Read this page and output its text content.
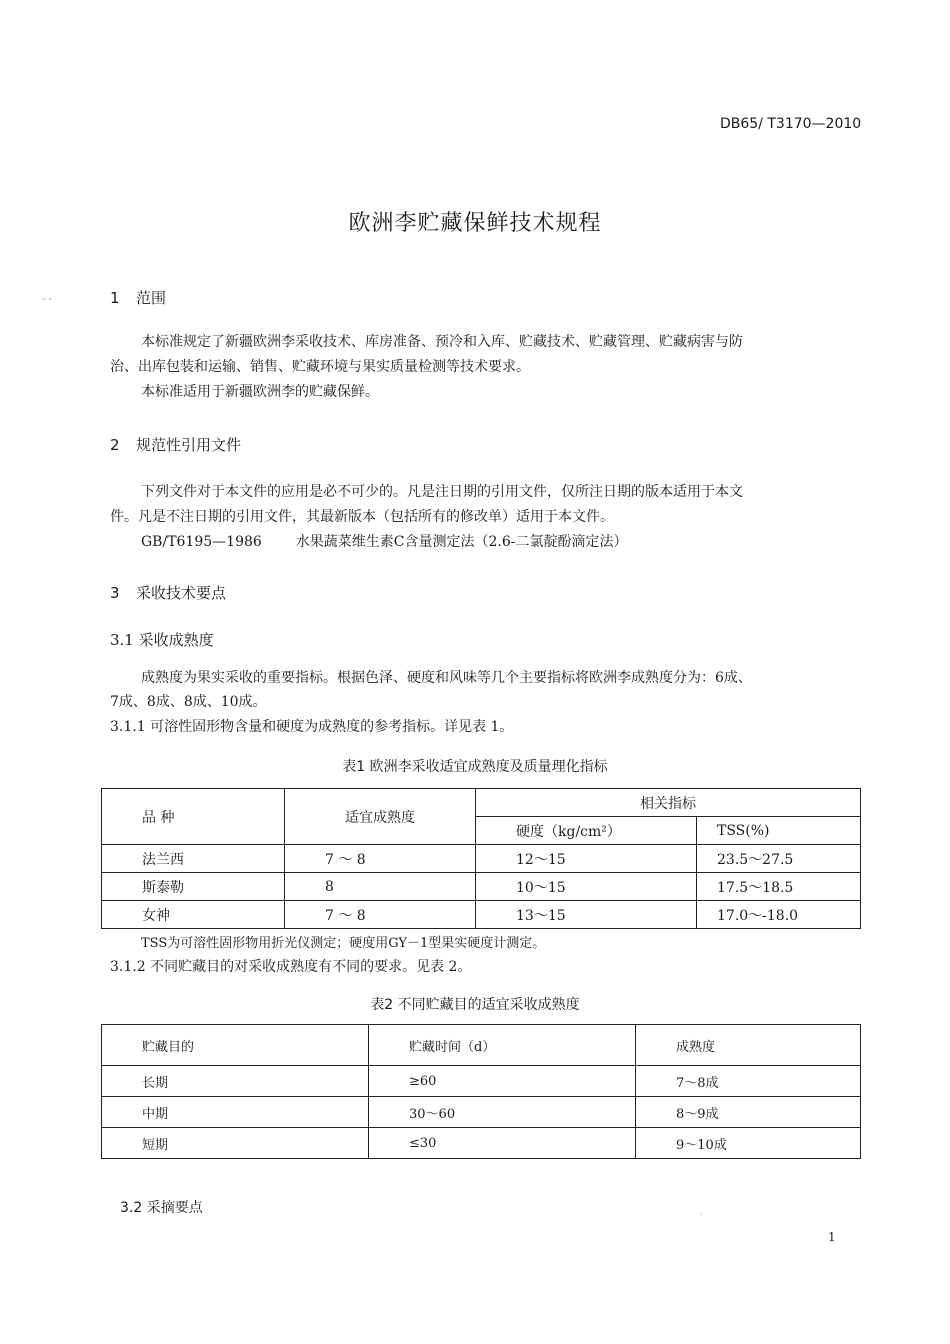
DB65/ T3170—2010
欧洲李贮藏保鲜技术规程
- -	1 范围
本标准规定了新疆欧洲李采收技术、库房准备、预冷和入库、贮藏技术、贮藏管理、贮藏病害与防
治、出库包装和运输、销售、贮藏环境与果实质量检测等技术要求。
本标准适用于新疆欧洲李的贮藏保鲜。
2 规范性引用文件
下列文件对于本文件的应用是必不可少的。凡是注日期的引用文件，仅所注日期的版本适用于本文
件。凡是不注日期的引用文件，其最新版本（包括所有的修改单）适用于本文件。
GB/T6195—1986 水果蔬菜维生素C含量测定法（2.6-二氯靛酚滴定法）
3 采收技术要点
3.1 采收成熟度
成熟度为果实采收的重要指标。根据色泽、硬度和风味等几个主要指标将欧洲李成熟度分为：6成、
7成、8成、8成、10成。
3.1.1 可溶性固形物含量和硬度为成熟度的参考指标。详见表 1。
表1 欧洲李采收适宜成熟度及质量理化指标
品 种	适宜成熟度	相关指标	
		硬度（kg/cm²）	TSS(%)
法兰西	7 ～ 8	12～15	23.5～27.5
斯泰勒	8	10～15	17.5～18.5
女神	7 ～ 8	13～15	17.0～-18.0
TSS为可溶性固形物用折光仪测定；硬度用GY－1型果实硬度计测定。
3.1.2 不同贮藏目的对采收成熟度有不同的要求。见表 2。
表2 不同贮藏目的适宜采收成熟度
贮藏目的	贮藏时间（d）	成熟度
长期	≥60	7～8成
中期	30～60	8～9成
短期	≤30	9～10成
3.2 采摘要点	·
1
